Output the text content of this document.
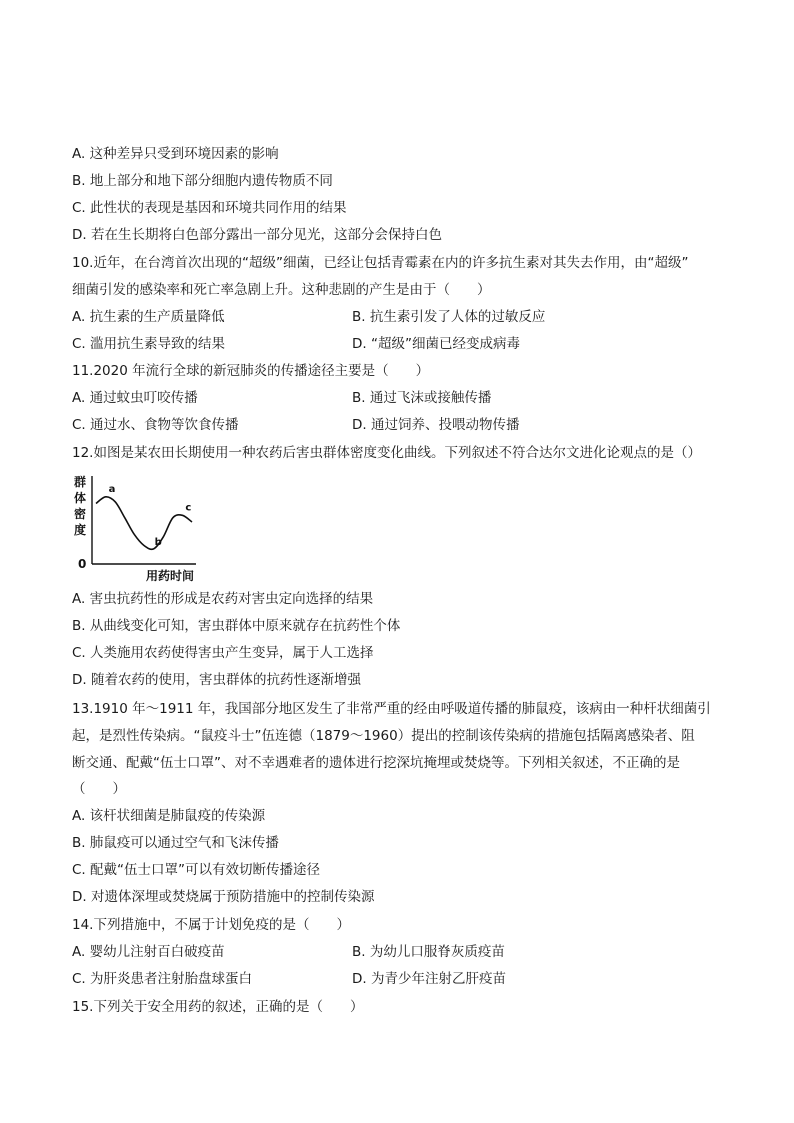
A. 这种差异只受到环境因素的影响
B. 地上部分和地下部分细胞内遗传物质不同
C. 此性状的表现是基因和环境共同作用的结果
D. 若在生长期将白色部分露出一部分见光，这部分会保持白色
10.近年，在台湾首次出现的“超级”细菌，已经让包括青霉素在内的许多抗生素对其失去作用，由“超级”
细菌引发的感染率和死亡率急剧上升。这种悲剧的产生是由于（　　）
A. 抗生素的生产质量降低	B. 抗生素引发了人体的过敏反应
C. 滥用抗生素导致的结果	D. “超级”细菌已经变成病毒
11.2020 年流行全球的新冠肺炎的传播途径主要是（　　）
A. 通过蚊虫叮咬传播	B. 通过飞沫或接触传播
C. 通过水、食物等饮食传播	D. 通过饲养、投喂动物传播
12.如图是某农田长期使用一种农药后害虫群体密度变化曲线。下列叙述不符合达尔文进化论观点的是（）
群体密度
0
用药时间
a
b
c
A. 害虫抗药性的形成是农药对害虫定向选择的结果
B. 从曲线变化可知，害虫群体中原来就存在抗药性个体
C. 人类施用农药使得害虫产生变异，属于人工选择
D. 随着农药的使用，害虫群体的抗药性逐渐增强
13.1910 年～1911 年，我国部分地区发生了非常严重的经由呼吸道传播的肺鼠疫，该病由一种杆状细菌引
起，是烈性传染病。“鼠疫斗士”伍连德（1879～1960）提出的控制该传染病的措施包括隔离感染者、阻
断交通、配戴“伍士口罩”、对不幸遇难者的遗体进行挖深坑掩埋或焚烧等。下列相关叙述，不正确的是
（　　）
A. 该杆状细菌是肺鼠疫的传染源
B. 肺鼠疫可以通过空气和飞沫传播
C. 配戴“伍士口罩”可以有效切断传播途径
D. 对遗体深埋或焚烧属于预防措施中的控制传染源
14.下列措施中，不属于计划免疫的是（　　）
A. 婴幼儿注射百白破疫苗	B. 为幼儿口服脊灰质疫苗
C. 为肝炎患者注射胎盘球蛋白	D. 为青少年注射乙肝疫苗
15.下列关于安全用药的叙述，正确的是（　　）
